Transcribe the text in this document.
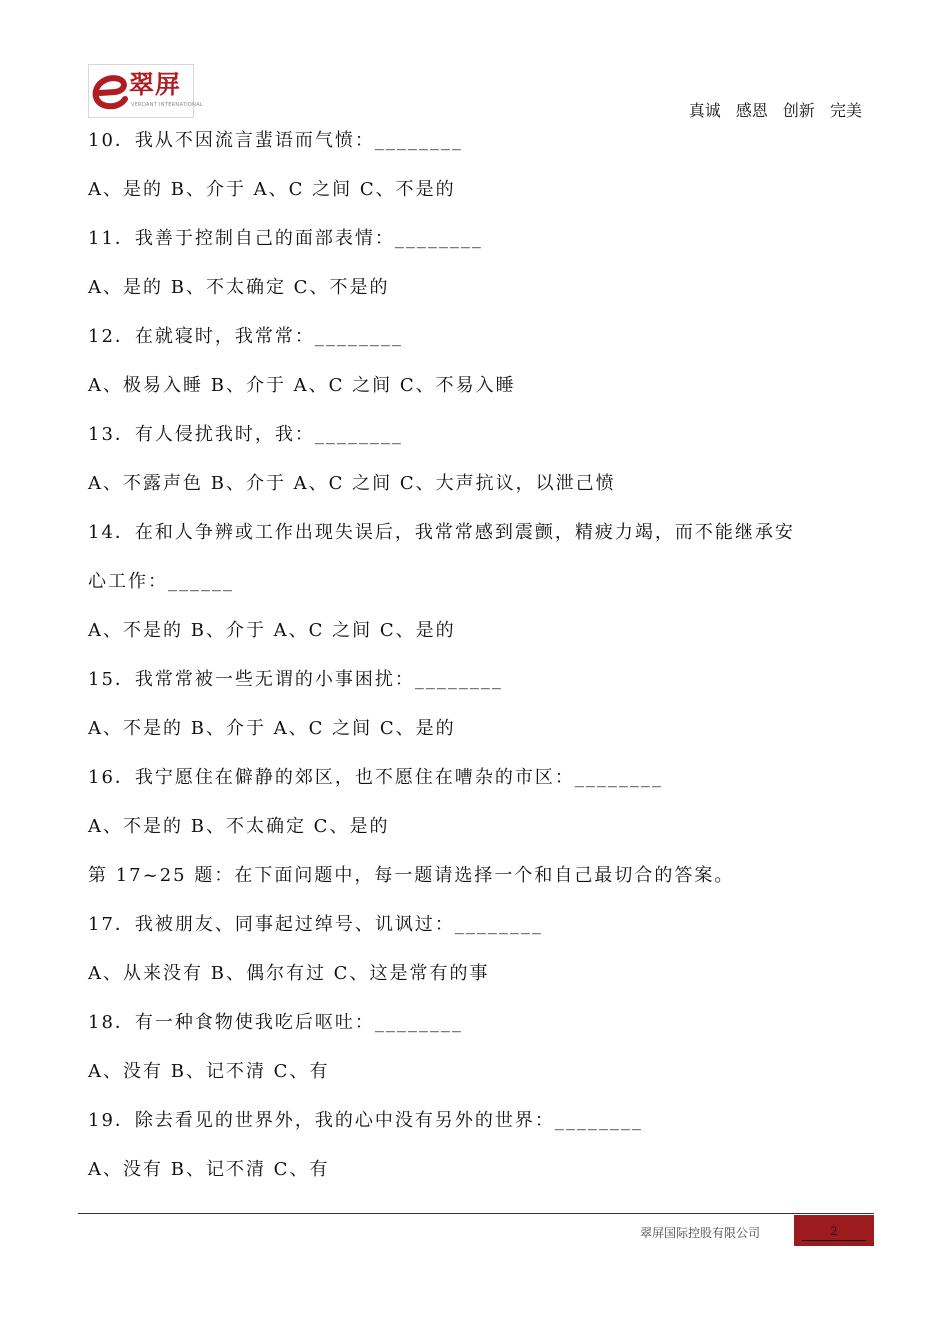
翠屏
VERDANT INTERNATIONAL	真诚 感恩 创新 完美
10．我从不因流言蜚语而气愤：________
A、是的 B、介于 A、C 之间 C、不是的
11．我善于控制自己的面部表情：________
A、是的 B、不太确定 C、不是的
12．在就寝时，我常常：________
A、极易入睡 B、介于 A、C 之间 C、不易入睡
13．有人侵扰我时，我：________
A、不露声色 B、介于 A、C 之间 C、大声抗议，以泄己愤
14．在和人争辨或工作出现失误后，我常常感到震颤，精疲力竭，而不能继承安
心工作：______
A、不是的 B、介于 A、C 之间 C、是的
15．我常常被一些无谓的小事困扰：________
A、不是的 B、介于 A、C 之间 C、是的
16．我宁愿住在僻静的郊区，也不愿住在嘈杂的市区：________
A、不是的 B、不太确定 C、是的
第 17~25 题：在下面问题中，每一题请选择一个和自己最切合的答案。
17．我被朋友、同事起过绰号、讥讽过：________
A、从来没有 B、偶尔有过 C、这是常有的事
18．有一种食物使我吃后呕吐：________
A、没有 B、记不清 C、有
19．除去看见的世界外，我的心中没有另外的世界：________
A、没有 B、记不清 C、有
翠屏国际控股有限公司	2
